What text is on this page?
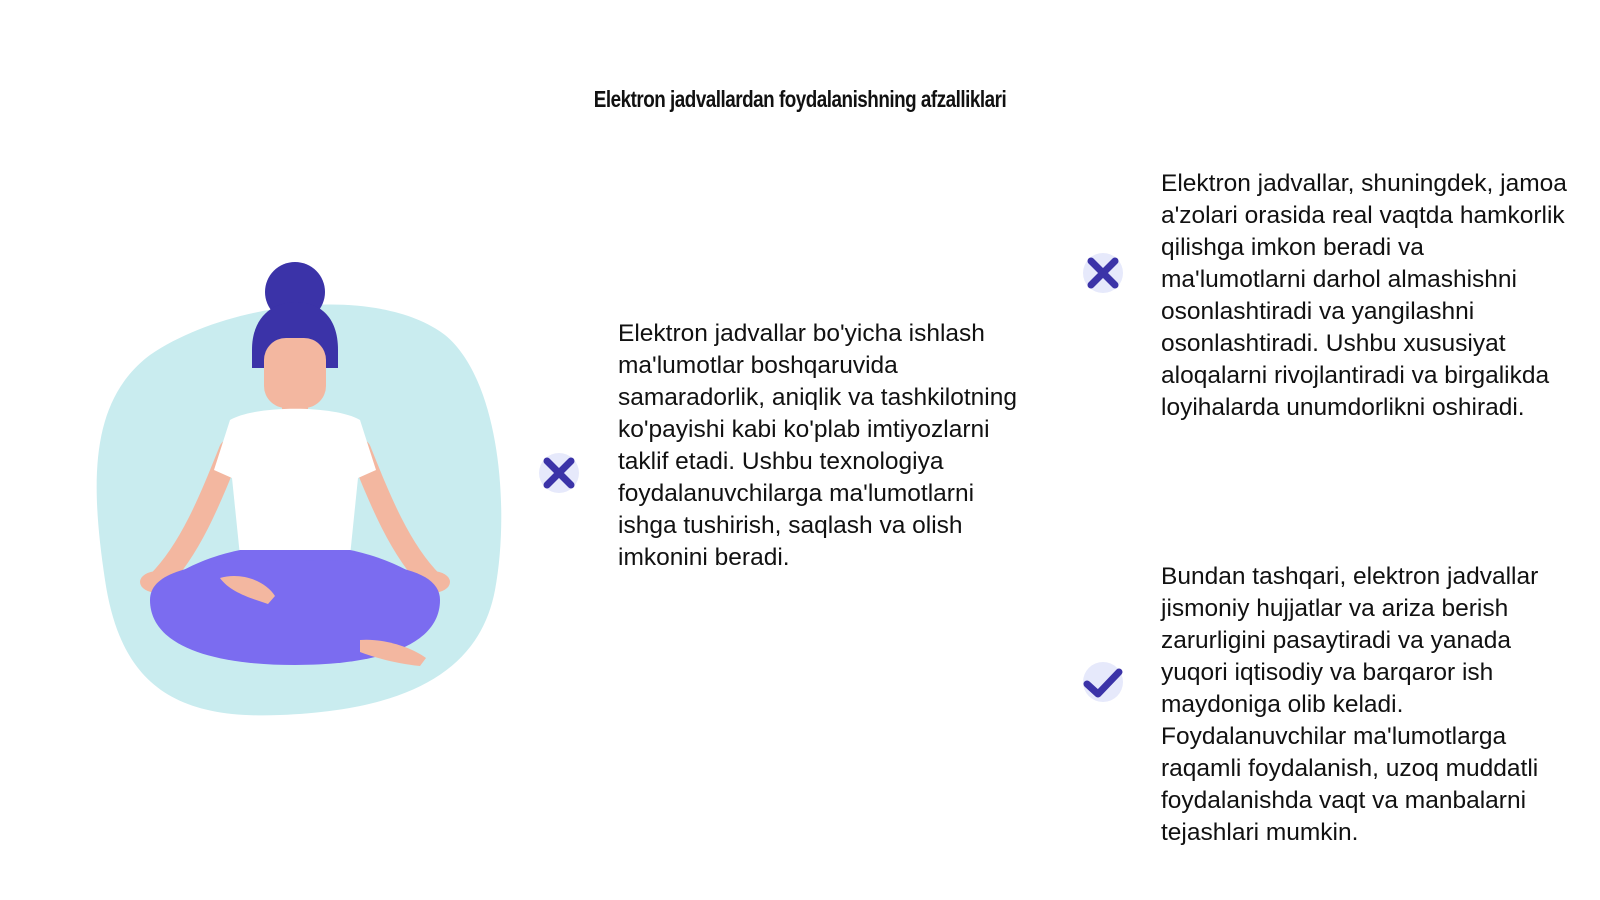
Elektron jadvallardan foydalanishning afzalliklari

Elektron jadvallar bo'yicha ishlash ma'lumotlar boshqaruvida samaradorlik, aniqlik va tashkilotning ko'payishi kabi ko'plab imtiyozlarni taklif etadi. Ushbu texnologiya foydalanuvchilarga ma'lumotlarni ishga tushirish, saqlash va olish imkonini beradi.

Elektron jadvallar, shuningdek, jamoa a'zolari orasida real vaqtda hamkorlik qilishga imkon beradi va ma'lumotlarni darhol almashishni osonlashtiradi va yangilashni osonlashtiradi. Ushbu xususiyat aloqalarni rivojlantiradi va birgalikda loyihalarda unumdorlikni oshiradi.

Bundan tashqari, elektron jadvallar jismoniy hujjatlar va ariza berish zarurligini pasaytiradi va yanada yuqori iqtisodiy va barqaror ish maydoniga olib keladi. Foydalanuvchilar ma'lumotlarga raqamli foydalanish, uzoq muddatli foydalanishda vaqt va manbalarni tejashlari mumkin.
